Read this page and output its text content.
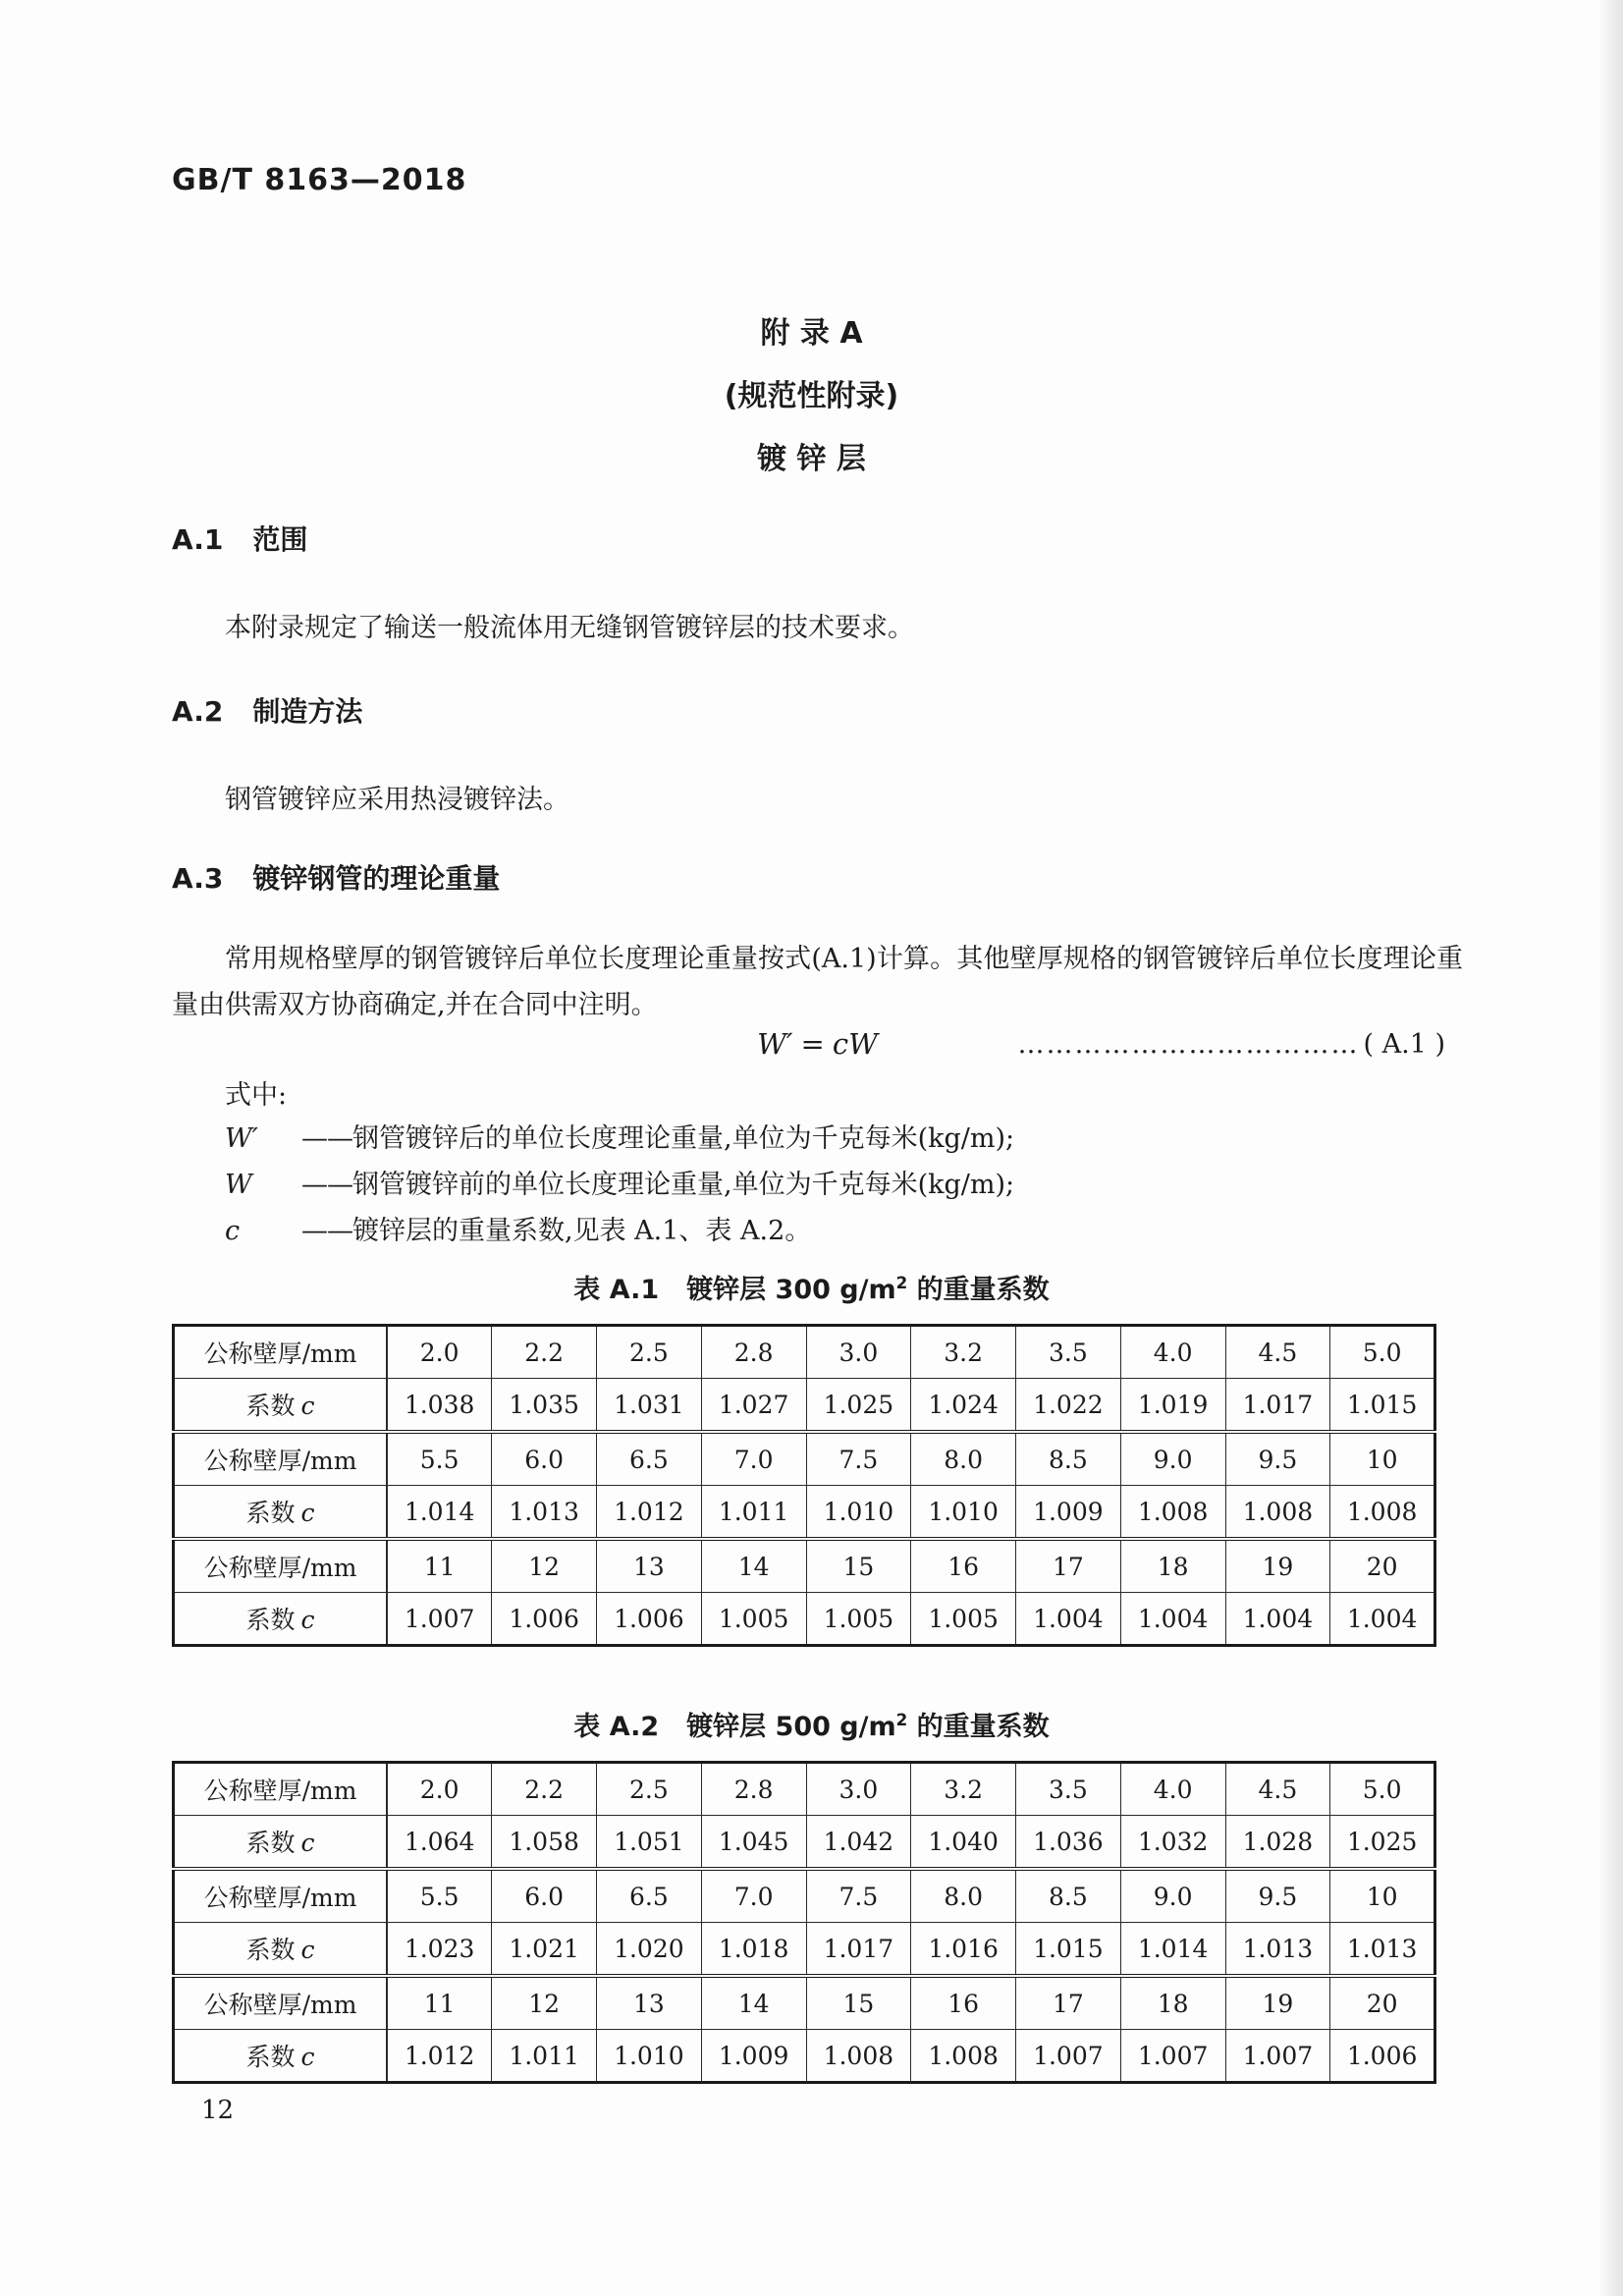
GB/T 8163—2018
附 录 A
(规范性附录)
镀 锌 层
A.1 范围
本附录规定了输送一般流体用无缝钢管镀锌层的技术要求。
A.2 制造方法
钢管镀锌应采用热浸镀锌法。
A.3 镀锌钢管的理论重量
常用规格壁厚的钢管镀锌后单位长度理论重量按式(A.1)计算。其他壁厚规格的钢管镀锌后单位长度理论重量由供需双方协商确定,并在合同中注明。
W′ = cW	……………………………… ( A.1 )
式中:
W′ ——钢管镀锌后的单位长度理论重量,单位为千克每米(kg/m);
W ——钢管镀锌前的单位长度理论重量,单位为千克每米(kg/m);
c ——镀锌层的重量系数,见表 A.1、表 A.2。
表 A.1 镀锌层 300 $g/m^2$ 的重量系数
公称壁厚/mm	2.0	2.2	2.5	2.8	3.0	3.2	3.5	4.0	4.5	5.0
系数 c	1.038	1.035	1.031	1.027	1.025	1.024	1.022	1.019	1.017	1.015
公称壁厚/mm	5.5	6.0	6.5	7.0	7.5	8.0	8.5	9.0	9.5	10
系数 c	1.014	1.013	1.012	1.011	1.010	1.010	1.009	1.008	1.008	1.008
公称壁厚/mm	11	12	13	14	15	16	17	18	19	20
系数 c	1.007	1.006	1.006	1.005	1.005	1.005	1.004	1.004	1.004	1.004
表 A.2 镀锌层 500 $g/m^2$ 的重量系数
公称壁厚/mm	2.0	2.2	2.5	2.8	3.0	3.2	3.5	4.0	4.5	5.0
系数 c	1.064	1.058	1.051	1.045	1.042	1.040	1.036	1.032	1.028	1.025
公称壁厚/mm	5.5	6.0	6.5	7.0	7.5	8.0	8.5	9.0	9.5	10
系数 c	1.023	1.021	1.020	1.018	1.017	1.016	1.015	1.014	1.013	1.013
公称壁厚/mm	11	12	13	14	15	16	17	18	19	20
系数 c	1.012	1.011	1.010	1.009	1.008	1.008	1.007	1.007	1.007	1.006
12
